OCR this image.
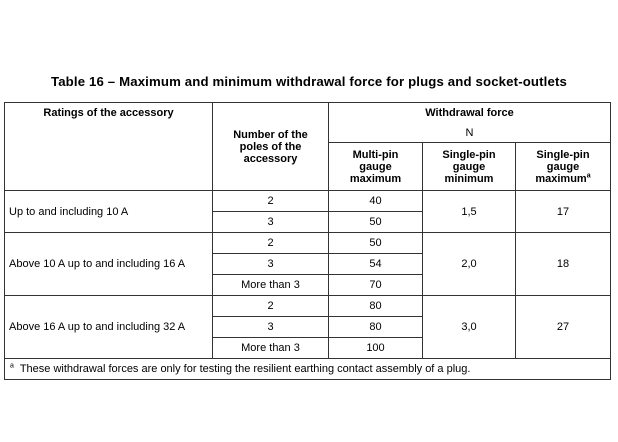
Table 16 – Maximum and minimum withdrawal force for plugs and socket-outlets
Ratings of the accessory	Number of the poles of the accessory	Withdrawal force		
		N		
		Multi-pin gauge maximum	Single-pin gauge minimum	Single-pin gauge maximum$^a$
Up to and including 10 A	2	40	1,5	17
	3	50		
Above 10 A up to and including 16 A	2	50	2,0	18
	3	54		
	More than 3	70		
Above 16 A up to and including 32 A	2	80	3,0	27
	3	80		
	More than 3	100		
$^a$ These withdrawal forces are only for testing the resilient earthing contact assembly of a plug.				
